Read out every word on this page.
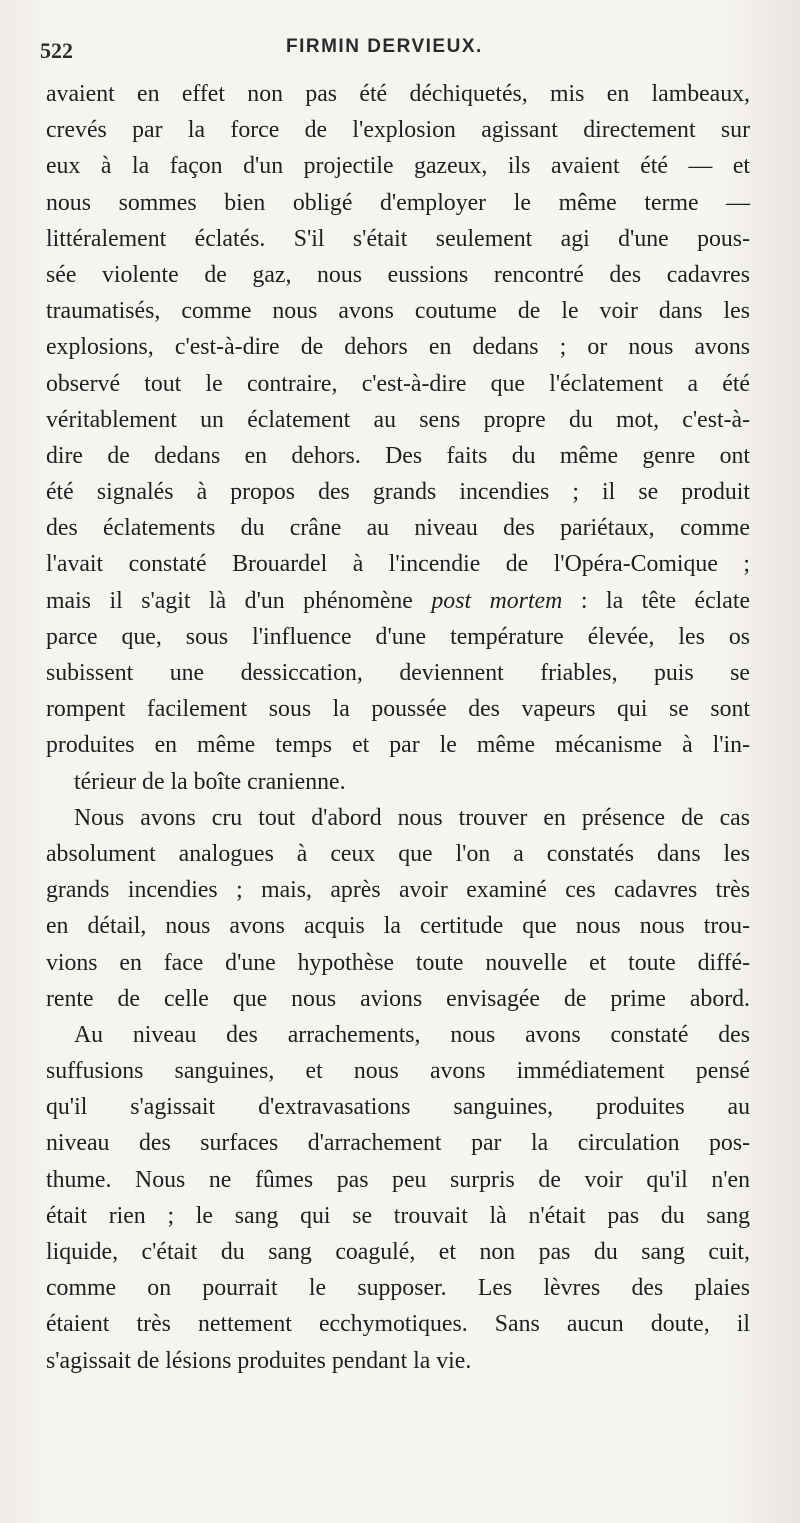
522	FIRMIN DERVIEUX.
avaient en effet non pas été déchiquetés, mis en lambeaux,
crevés par la force de l'explosion agissant directement sur
eux à la façon d'un projectile gazeux, ils avaient été — et
nous sommes bien obligé d'employer le même terme —
littéralement éclatés. S'il s'était seulement agi d'une pous-
sée violente de gaz, nous eussions rencontré des cadavres
traumatisés, comme nous avons coutume de le voir dans les
explosions, c'est-à-dire de dehors en dedans ; or nous avons
observé tout le contraire, c'est-à-dire que l'éclatement a été
véritablement un éclatement au sens propre du mot, c'est-à-
dire de dedans en dehors. Des faits du même genre ont
été signalés à propos des grands incendies ; il se produit
des éclatements du crâne au niveau des pariétaux, comme
l'avait constaté Brouardel à l'incendie de l'Opéra-Comique ;
mais il s'agit là d'un phénomène post mortem : la tête éclate
parce que, sous l'influence d'une température élevée, les os
subissent une dessiccation, deviennent friables, puis se
rompent facilement sous la poussée des vapeurs qui se sont
produites en même temps et par le même mécanisme à l'in-
térieur de la boîte cranienne.
Nous avons cru tout d'abord nous trouver en présence de cas
absolument analogues à ceux que l'on a constatés dans les
grands incendies ; mais, après avoir examiné ces cadavres très
en détail, nous avons acquis la certitude que nous nous trou-
vions en face d'une hypothèse toute nouvelle et toute diffé-
rente de celle que nous avions envisagée de prime abord.
Au niveau des arrachements, nous avons constaté des
suffusions sanguines, et nous avons immédiatement pensé
qu'il s'agissait d'extravasations sanguines, produites au
niveau des surfaces d'arrachement par la circulation pos-
thume. Nous ne fûmes pas peu surpris de voir qu'il n'en
était rien ; le sang qui se trouvait là n'était pas du sang
liquide, c'était du sang coagulé, et non pas du sang cuit,
comme on pourrait le supposer. Les lèvres des plaies
étaient très nettement ecchymotiques. Sans aucun doute, il
s'agissait de lésions produites pendant la vie.
